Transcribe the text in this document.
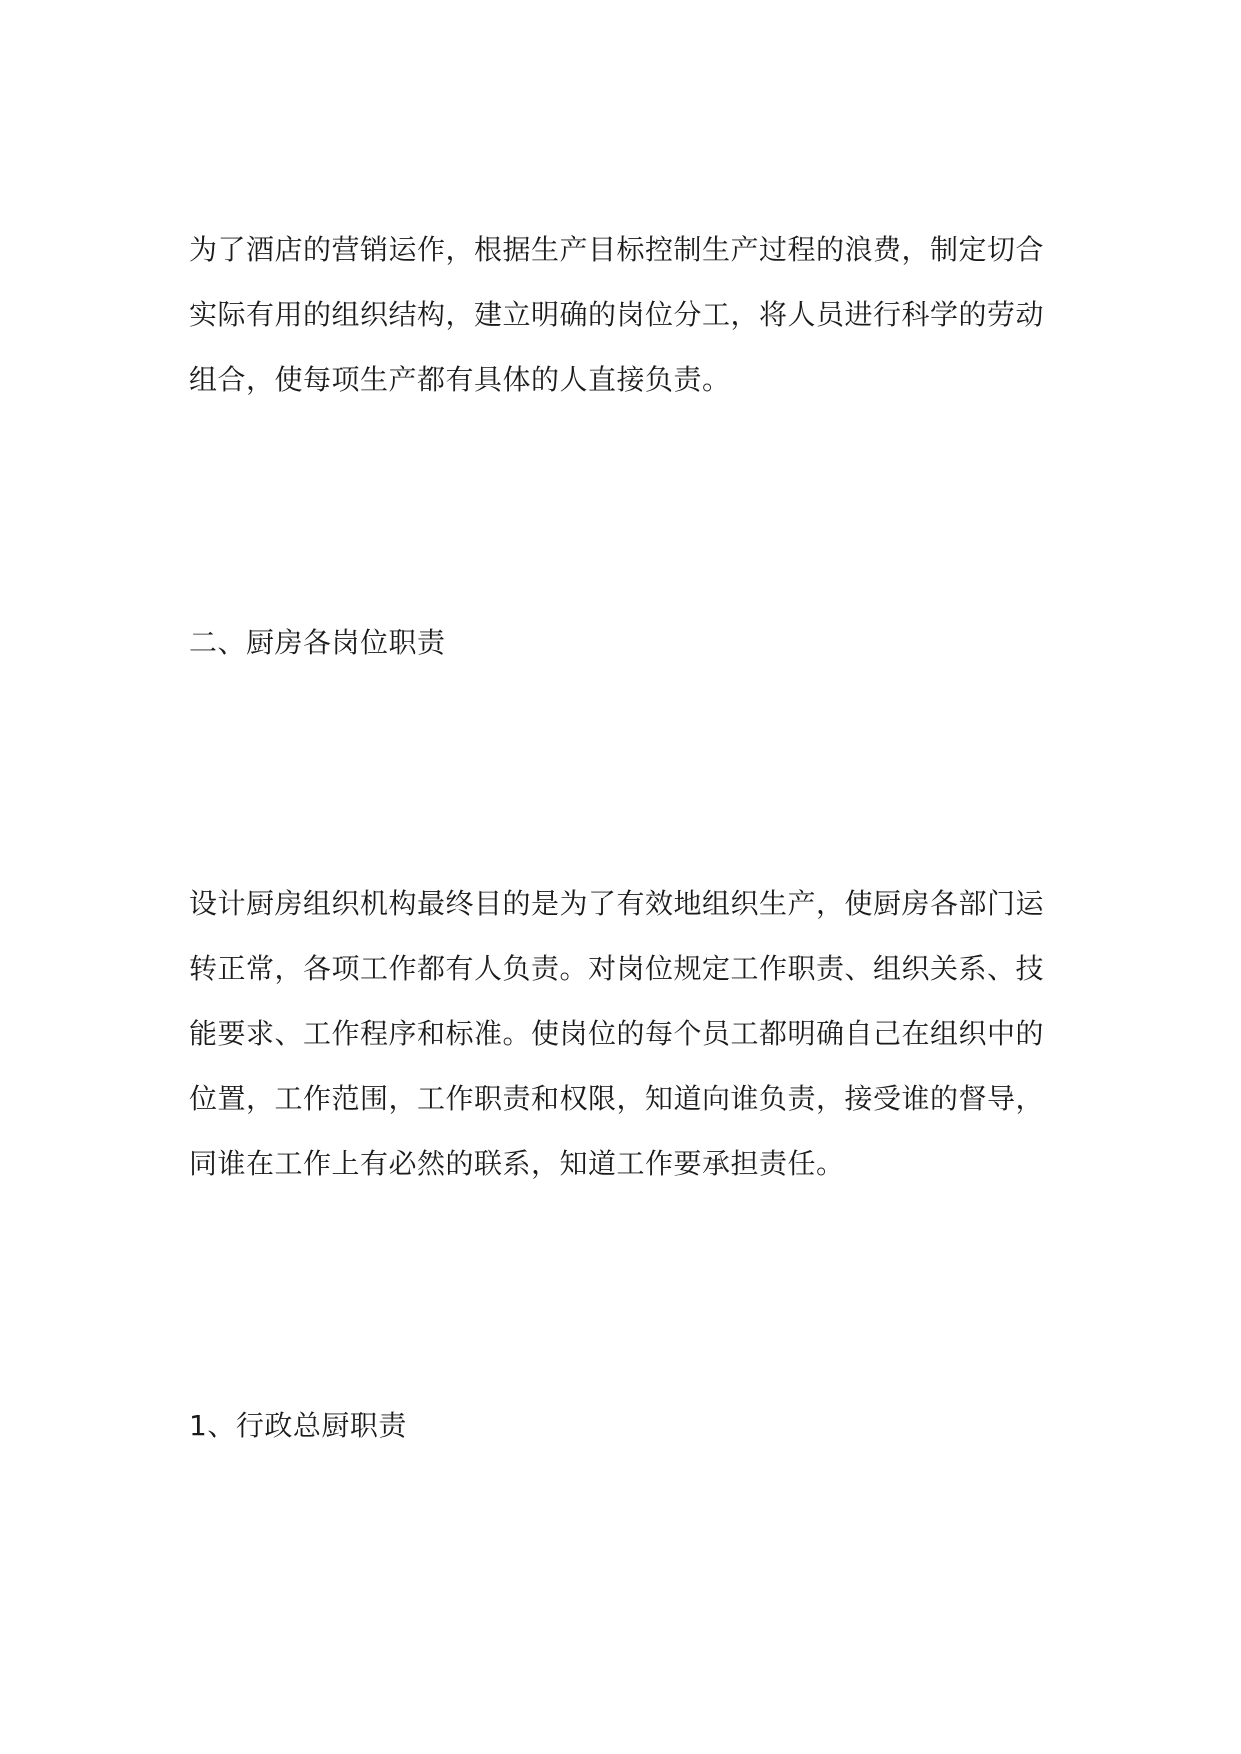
为了酒店的营销运作，根据生产目标控制生产过程的浪费，制定切合
实际有用的组织结构，建立明确的岗位分工，将人员进行科学的劳动
组合，使每项生产都有具体的人直接负责。
二、厨房各岗位职责
设计厨房组织机构最终目的是为了有效地组织生产，使厨房各部门运
转正常，各项工作都有人负责。对岗位规定工作职责、组织关系、技
能要求、工作程序和标准。使岗位的每个员工都明确自己在组织中的
位置，工作范围，工作职责和权限，知道向谁负责，接受谁的督导，
同谁在工作上有必然的联系，知道工作要承担责任。
1、行政总厨职责
